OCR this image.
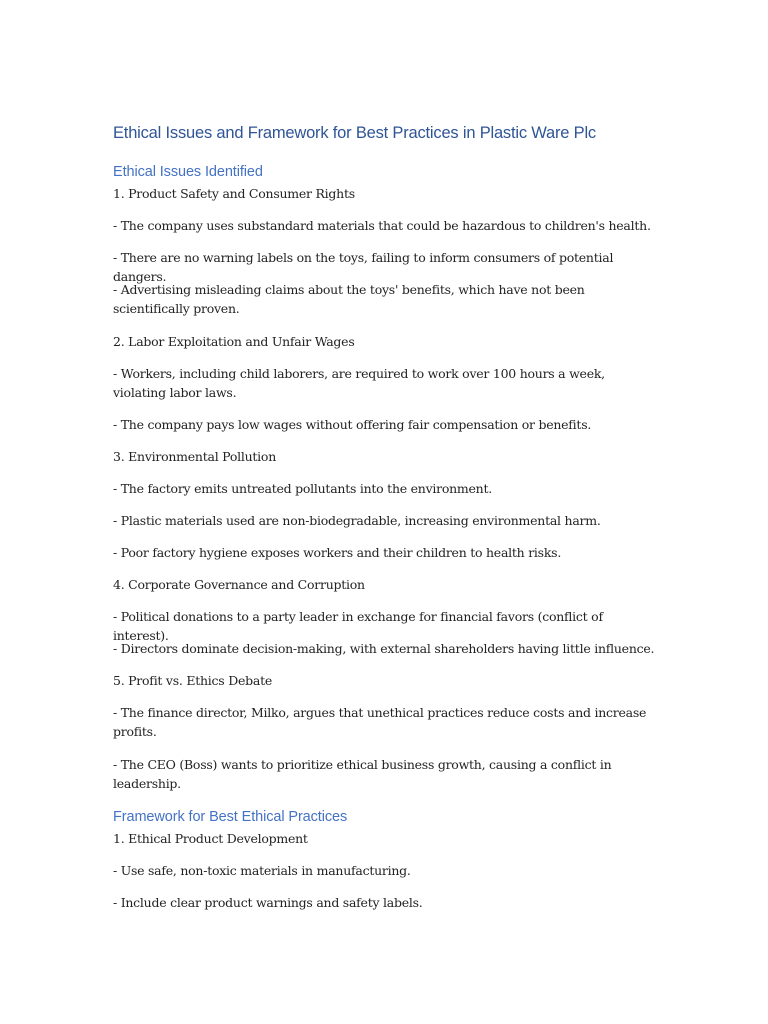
Ethical Issues and Framework for Best Practices in Plastic Ware Plc
Ethical Issues Identified

1. Product Safety and Consumer Rights

- The company uses substandard materials that could be hazardous to children's health.

- There are no warning labels on the toys, failing to inform consumers of potential dangers.

- Advertising misleading claims about the toys' benefits, which have not been scientifically proven.

2. Labor Exploitation and Unfair Wages

- Workers, including child laborers, are required to work over 100 hours a week, violating labor laws.

- The company pays low wages without offering fair compensation or benefits.

3. Environmental Pollution

- The factory emits untreated pollutants into the environment.

- Plastic materials used are non-biodegradable, increasing environmental harm.

- Poor factory hygiene exposes workers and their children to health risks.

4. Corporate Governance and Corruption

- Political donations to a party leader in exchange for financial favors (conflict of interest).

- Directors dominate decision-making, with external shareholders having little influence.

5. Profit vs. Ethics Debate

- The finance director, Milko, argues that unethical practices reduce costs and increase profits.

- The CEO (Boss) wants to prioritize ethical business growth, causing a conflict in leadership.

Framework for Best Ethical Practices

1. Ethical Product Development

- Use safe, non-toxic materials in manufacturing.

- Include clear product warnings and safety labels.
